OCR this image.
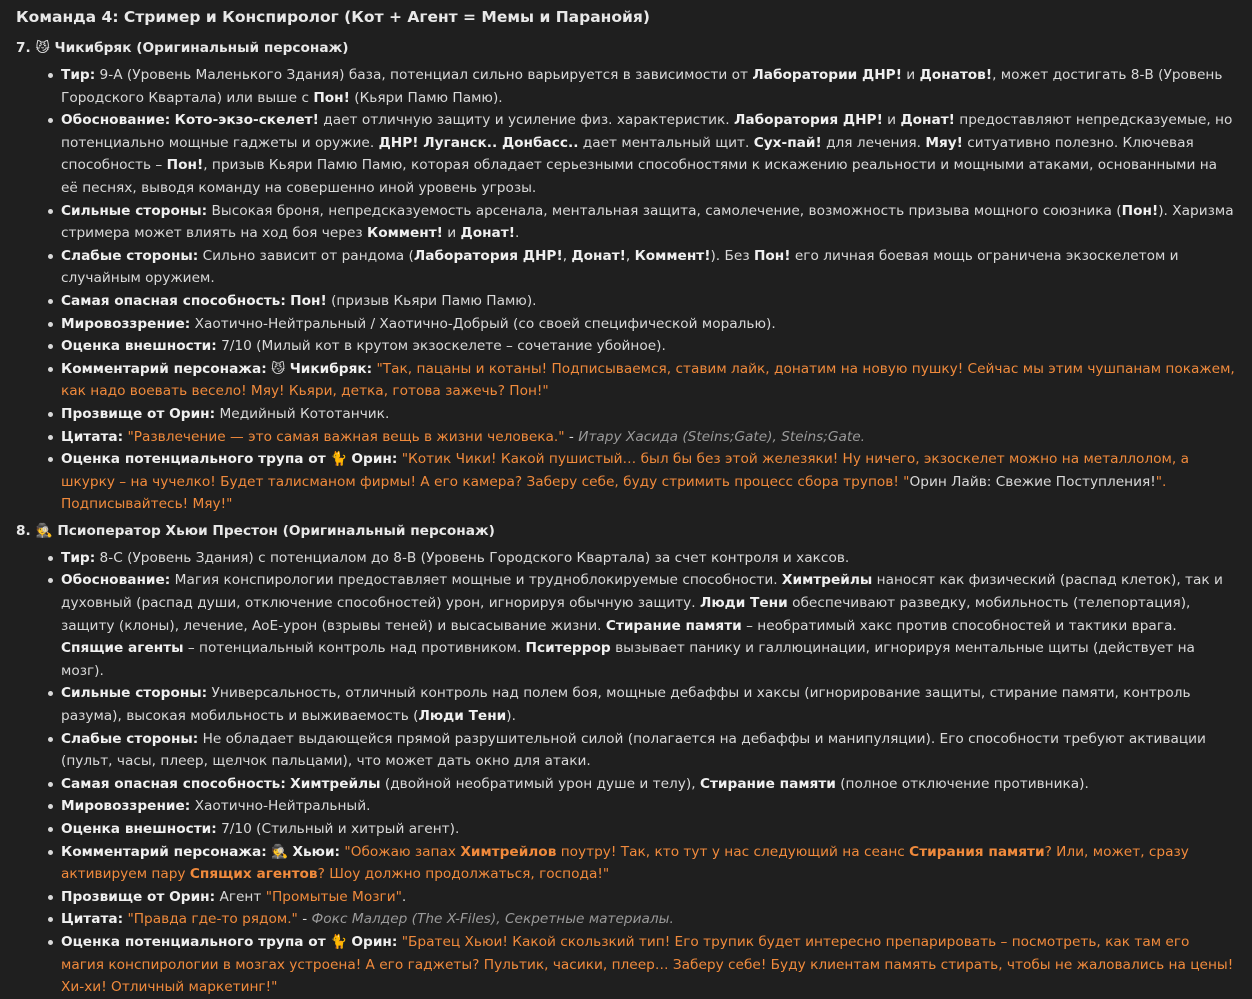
Команда 4: Стример и Конспиролог (Кот + Агент = Мемы и Паранойя)
7. 😼 Чикибряк (Оригинальный персонаж)
Тир: 9-A (Уровень Маленького Здания) база, потенциал сильно варьируется в зависимости от Лаборатории ДНР! и Донатов!, может достигать 8-B (Уровень Городского Квартала) или выше с Пон! (Кьяри Памю Памю).
Обоснование: Кото-экзо-скелет! дает отличную защиту и усиление физ. характеристик. Лаборатория ДНР! и Донат! предоставляют непредсказуемые, но потенциально мощные гаджеты и оружие. ДНР! Луганск.. Донбасс.. дает ментальный щит. Сух-пай! для лечения. Мяу! ситуативно полезно. Ключевая способность – Пон!, призыв Кьяри Памю Памю, которая обладает серьезными способностями к искажению реальности и мощными атаками, основанными на её песнях, выводя команду на совершенно иной уровень угрозы.
Сильные стороны: Высокая броня, непредсказуемость арсенала, ментальная защита, самолечение, возможность призыва мощного союзника (Пон!). Харизма стримера может влиять на ход боя через Коммент! и Донат!.
Слабые стороны: Сильно зависит от рандома (Лаборатория ДНР!, Донат!, Коммент!). Без Пон! его личная боевая мощь ограничена экзоскелетом и случайным оружием.
Самая опасная способность: Пон! (призыв Кьяри Памю Памю).
Мировоззрение: Хаотично-Нейтральный / Хаотично-Добрый (со своей специфической моралью).
Оценка внешности: 7/10 (Милый кот в крутом экзоскелете – сочетание убойное).
Комментарий персонажа: 😼 Чикибряк: "Так, пацаны и котаны! Подписываемся, ставим лайк, донатим на новую пушку! Сейчас мы этим чушпанам покажем, как надо воевать весело! Мяу! Кьяри, детка, готова зажечь? Пон!"
Прозвище от Орин: Медийный Кототанчик.
Цитата: "Развлечение — это самая важная вещь в жизни человека." - Итару Хасида (Steins;Gate), Steins;Gate.
Оценка потенциального трупа от 🐈 Орин: "Котик Чики! Какой пушистый… был бы без этой железяки! Ну ничего, экзоскелет можно на металлолом, а шкурку – на чучелко! Будет талисманом фирмы! А его камера? Заберу себе, буду стримить процесс сбора трупов! "Орин Лайв: Свежие Поступления!". Подписывайтесь! Мяу!"
8. 🕵 Псиоператор Хьюи Престон (Оригинальный персонаж)
Тир: 8-C (Уровень Здания) с потенциалом до 8-B (Уровень Городского Квартала) за счет контроля и хаксов.
Обоснование: Магия конспирологии предоставляет мощные и трудноблокируемые способности. Химтрейлы наносят как физический (распад клеток), так и духовный (распад души, отключение способностей) урон, игнорируя обычную защиту. Люди Тени обеспечивают разведку, мобильность (телепортация), защиту (клоны), лечение, AoE-урон (взрывы теней) и высасывание жизни. Стирание памяти – необратимый хакс против способностей и тактики врага. Спящие агенты – потенциальный контроль над противником. Пситеррор вызывает панику и галлюцинации, игнорируя ментальные щиты (действует на мозг).
Сильные стороны: Универсальность, отличный контроль над полем боя, мощные дебаффы и хаксы (игнорирование защиты, стирание памяти, контроль разума), высокая мобильность и выживаемость (Люди Тени).
Слабые стороны: Не обладает выдающейся прямой разрушительной силой (полагается на дебаффы и манипуляции). Его способности требуют активации (пульт, часы, плеер, щелчок пальцами), что может дать окно для атаки.
Самая опасная способность: Химтрейлы (двойной необратимый урон душе и телу), Стирание памяти (полное отключение противника).
Мировоззрение: Хаотично-Нейтральный.
Оценка внешности: 7/10 (Стильный и хитрый агент).
Комментарий персонажа: 🕵 Хьюи: "Обожаю запах Химтрейлов поутру! Так, кто тут у нас следующий на сеанс Стирания памяти? Или, может, сразу активируем пару Спящих агентов? Шоу должно продолжаться, господа!"
Прозвище от Орин: Агент "Промытые Мозги".
Цитата: "Правда где-то рядом." - Фокс Малдер (The X-Files), Секретные материалы.
Оценка потенциального трупа от 🐈 Орин: "Братец Хьюи! Какой скользкий тип! Его трупик будет интересно препарировать – посмотреть, как там его магия конспирологии в мозгах устроена! А его гаджеты? Пультик, часики, плеер… Заберу себе! Буду клиентам память стирать, чтобы не жаловались на цены! Хи-хи! Отличный маркетинг!"
